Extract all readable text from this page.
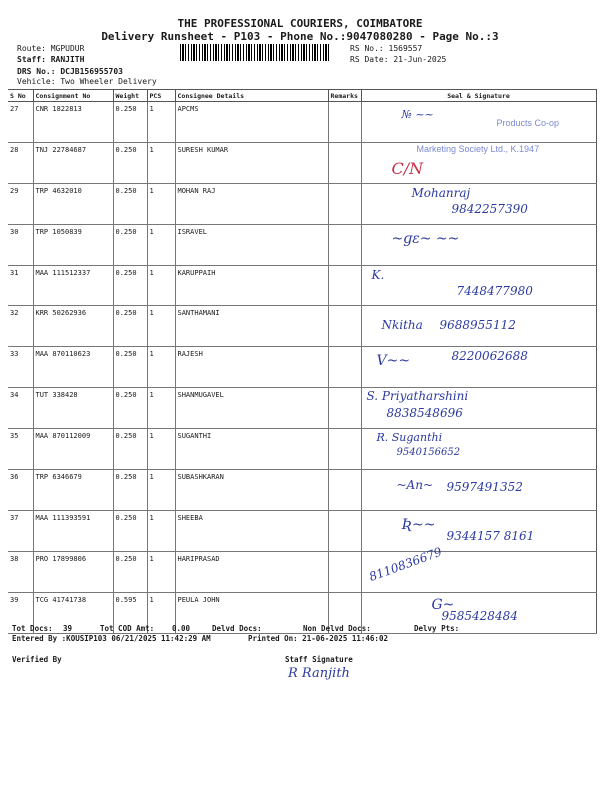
THE PROFESSIONAL COURIERS, COIMBATORE
Delivery Runsheet - P103 - Phone No.:9047080280 - Page No.:3
Route: MGPUDUR
Staff: RANJITH
DRS No.: DCJB156955703
Vehicle: Two Wheeler Delivery
RS No.: 1569557
RS Date: 21-Jun-2025
S No	Consignment No	Weight	PCS	Consignee Details	Remarks	Seal & Signature
27	CNR 1822813	0.250	1	APCMS		№ ~~
Products Co-op

28	TNJ 22784687	0.250	1	SURESH KUMAR		Marketing Society Ltd., K.1947
C/N

29	TRP 4632010	0.250	1	MOHAN RAJ		Mohanraj
9842257390

30	TRP 1050839	0.250	1	ISRAVEL		~ɡɛ~ ~~

31	MAA 111512337	0.250	1	KARUPPAIH		K.
7448477980

32	KRR 50262936	0.250	1	SANTHAMANI		Nkitha 9688955112

33	MAA 870110623	0.250	1	RAJESH		V~~ 8220062688

34	TUT 338428	0.250	1	SHANMUGAVEL		S. Priyatharshini
8838548696

35	MAA 870112009	0.250	1	SUGANTHI		R. Suganthi
9540156652

36	TRP 6346679	0.250	1	SUBASHKARAN		~An~ 9597491352

37	MAA 111393591	0.250	1	SHEEBA		Ʀ~~
9344157 8161

38	PRO 17899806	0.250	1	HARIPRASAD		8110836679

39	TCG 41741738	0.595	1	PEULA JOHN		G~
9585428484
Tot Docs: 39	Tot COD Amt: 0.00	Delvd Docs:	Non Delvd Docs:	Delvy Pts:
Entered By :KOUSIP103 06/21/2025 11:42:29 AM	Printed On: 21-06-2025 11:46:02
Verified By	Staff Signature
R Ranjith
